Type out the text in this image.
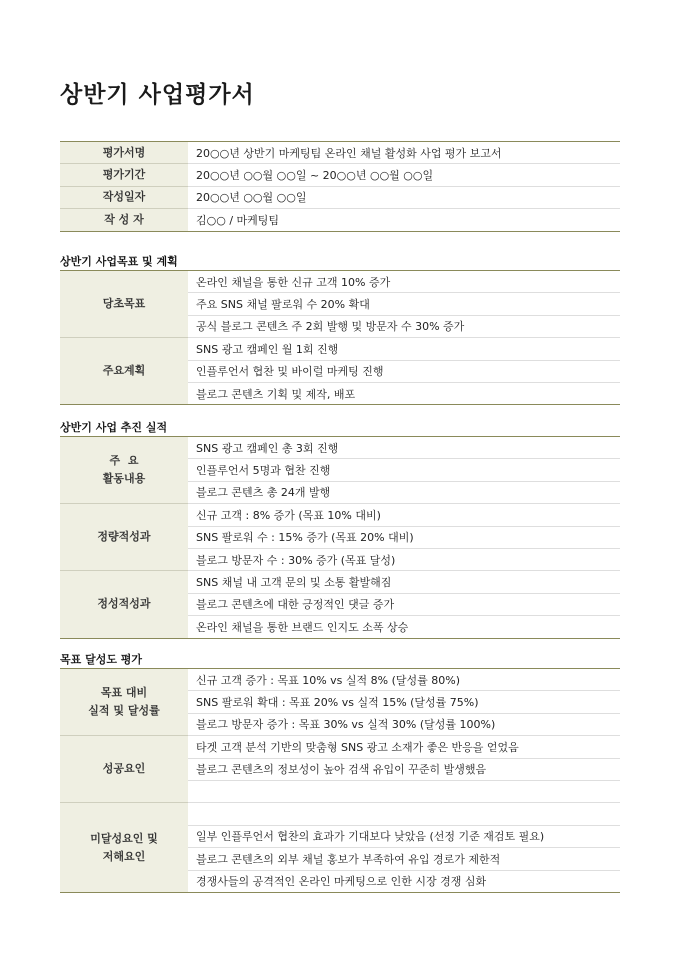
상반기 사업평가서
평가서명	20○○년 상반기 마케팅팀 온라인 채널 활성화 사업 평가 보고서
평가기간	20○○년 ○○월 ○○일 ~ 20○○년 ○○월 ○○일
작성일자	20○○년 ○○월 ○○일
작 성 자	김○○ / 마케팅팀
상반기 사업목표 및 계획
당초목표	온라인 채널을 통한 신규 고객 10% 증가
	주요 SNS 채널 팔로워 수 20% 확대
	공식 블로그 콘텐츠 주 2회 발행 및 방문자 수 30% 증가
주요계획	SNS 광고 캠페인 월 1회 진행
	인플루언서 협찬 및 바이럴 마케팅 진행
	블로그 콘텐츠 기획 및 제작, 배포
상반기 사업 추진 실적
주  요
활동내용	SNS 광고 캠페인 총 3회 진행
	인플루언서 5명과 협찬 진행
	블로그 콘텐츠 총 24개 발행
정량적성과	신규 고객 : 8% 증가 (목표 10% 대비)
	SNS 팔로워 수 : 15% 증가 (목표 20% 대비)
	블로그 방문자 수 : 30% 증가 (목표 달성)
정성적성과	SNS 채널 내 고객 문의 및 소통 활발해짐
	블로그 콘텐츠에 대한 긍정적인 댓글 증가
	온라인 채널을 통한 브랜드 인지도 소폭 상승
목표 달성도 평가
목표 대비
실적 및 달성률	신규 고객 증가 : 목표 10% vs 실적 8% (달성률 80%)
	SNS 팔로워 확대 : 목표 20% vs 실적 15% (달성률 75%)
	블로그 방문자 증가 : 목표 30% vs 실적 30% (달성률 100%)
성공요인	타겟 고객 분석 기반의 맞춤형 SNS 광고 소재가 좋은 반응을 얻었음
	블로그 콘텐츠의 정보성이 높아 검색 유입이 꾸준히 발생했음

미달성요인 및
저해요인	

	일부 인플루언서 협찬의 효과가 기대보다 낮았음 (선정 기준 재검토 필요)
	블로그 콘텐츠의 외부 채널 홍보가 부족하여 유입 경로가 제한적
	경쟁사들의 공격적인 온라인 마케팅으로 인한 시장 경쟁 심화
